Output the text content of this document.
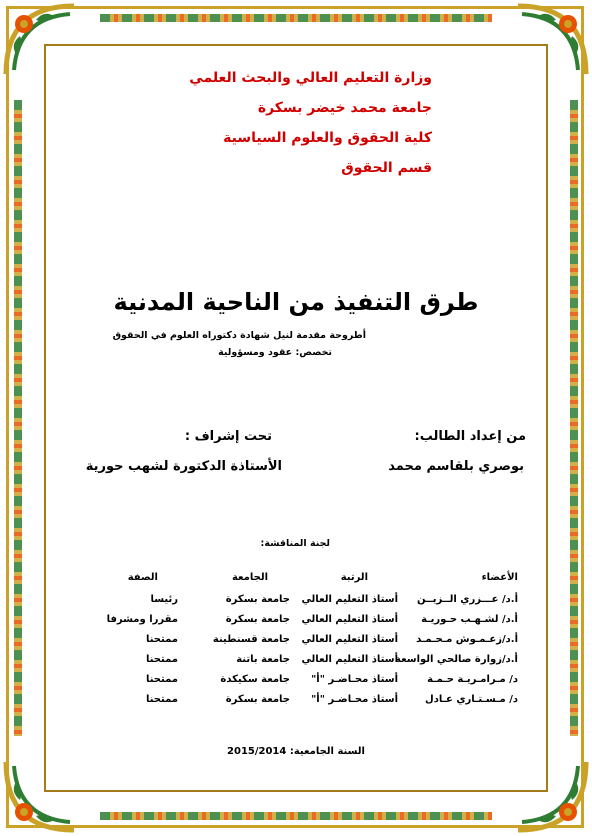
وزارة التعليم العالي والبحث العلمي
جامعة محمد خيضر بسكرة
كلية الحقوق والعلوم السياسية
قسم الحقوق
طرق التنفيذ من الناحية المدنية
أطروحة مقدمة لنيل شهادة دكتوراه العلوم في الحقوق
تخصص: عقود ومسؤولية
من إعداد الطالب:
بوصري بلقاسم محمد
تحت إشراف :
الأستاذة الدكتورة لشهب حورية
لجنة المناقشة:
الأعضاء
الرتبة
الجامعة
الصفة
أ.د/ عـــزري الــزيــن
أستاذ التعليم العالي
جامعة بسكرة
رئيسا
أ.د/ لشـهـب حـوريـة
أستاذ التعليم العالي
جامعة بسكرة
مقررا ومشرفا
أ.د/زعـمـوش مـحـمـد
أستاذ التعليم العالي
جامعة قسنطينة
ممتحنا
أ.د/زوارة صالحي الواسعة
أستاذ التعليم العالي
جامعة باتنة
ممتحنا
د/ مـرامـريـة حـمـة
أستاذ محـاضـر "أ"
جامعة سكيكدة
ممتحنا
د/ مـسـتـاري عـادل
أستاذ محـاضـر "أ"
جامعة بسكرة
ممتحنا
السنة الجامعية: 2015/2014
